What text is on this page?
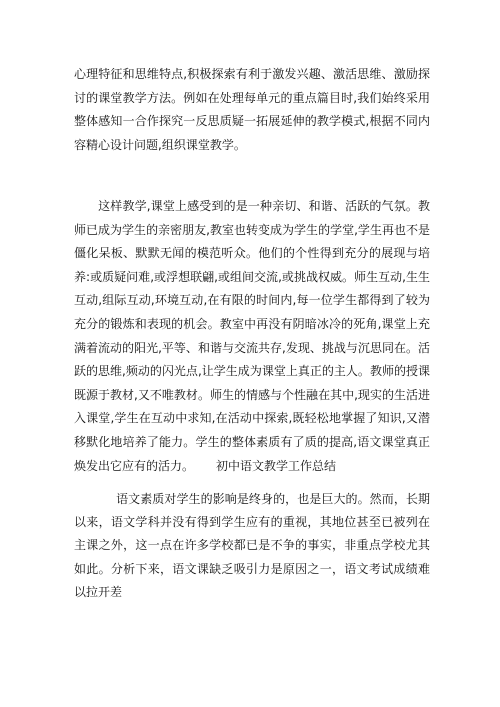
心理特征和思维特点,积极探索有利于激发兴趣、激活思维、激励探讨的课堂教学方法。例如在处理每单元的重点篇目时,我们始终采用整体感知一合作探究一反思质疑一拓展延伸的教学模式,根据不同内容精心设计问题,组织课堂教学。

这样教学,课堂上感受到的是一种亲切、和谐、活跃的气氛。教师已成为学生的亲密朋友,教室也转变成为学生的学堂,学生再也不是僵化呆板、默默无闻的模范听众。他们的个性得到充分的展现与培养:或质疑问难,或浮想联翩,或组间交流,或挑战权威。师生互动,生生互动,组际互动,环境互动,在有限的时间内,每一位学生都得到了较为充分的锻炼和表现的机会。教室中再没有阴暗冰冷的死角,课堂上充满着流动的阳光,平等、和谐与交流共存,发现、挑战与沉思同在。活跃的思维,频动的闪光点,让学生成为课堂上真正的主人。教师的授课既源于教材,又不唯教材。师生的情感与个性融在其中,现实的生活进入课堂,学生在互动中求知,在活动中探索,既轻松地掌握了知识,又潜移默化地培养了能力。学生的整体素质有了质的提高,语文课堂真正焕发出它应有的活力。 初中语文教学工作总结

语文素质对学生的影响是终身的，也是巨大的。然而，长期以来，语文学科并没有得到学生应有的重视，其地位甚至已被列在主课之外，这一点在许多学校都已是不争的事实，非重点学校尤其如此。分析下来，语文课缺乏吸引力是原因之一，语文考试成绩难以拉开差
